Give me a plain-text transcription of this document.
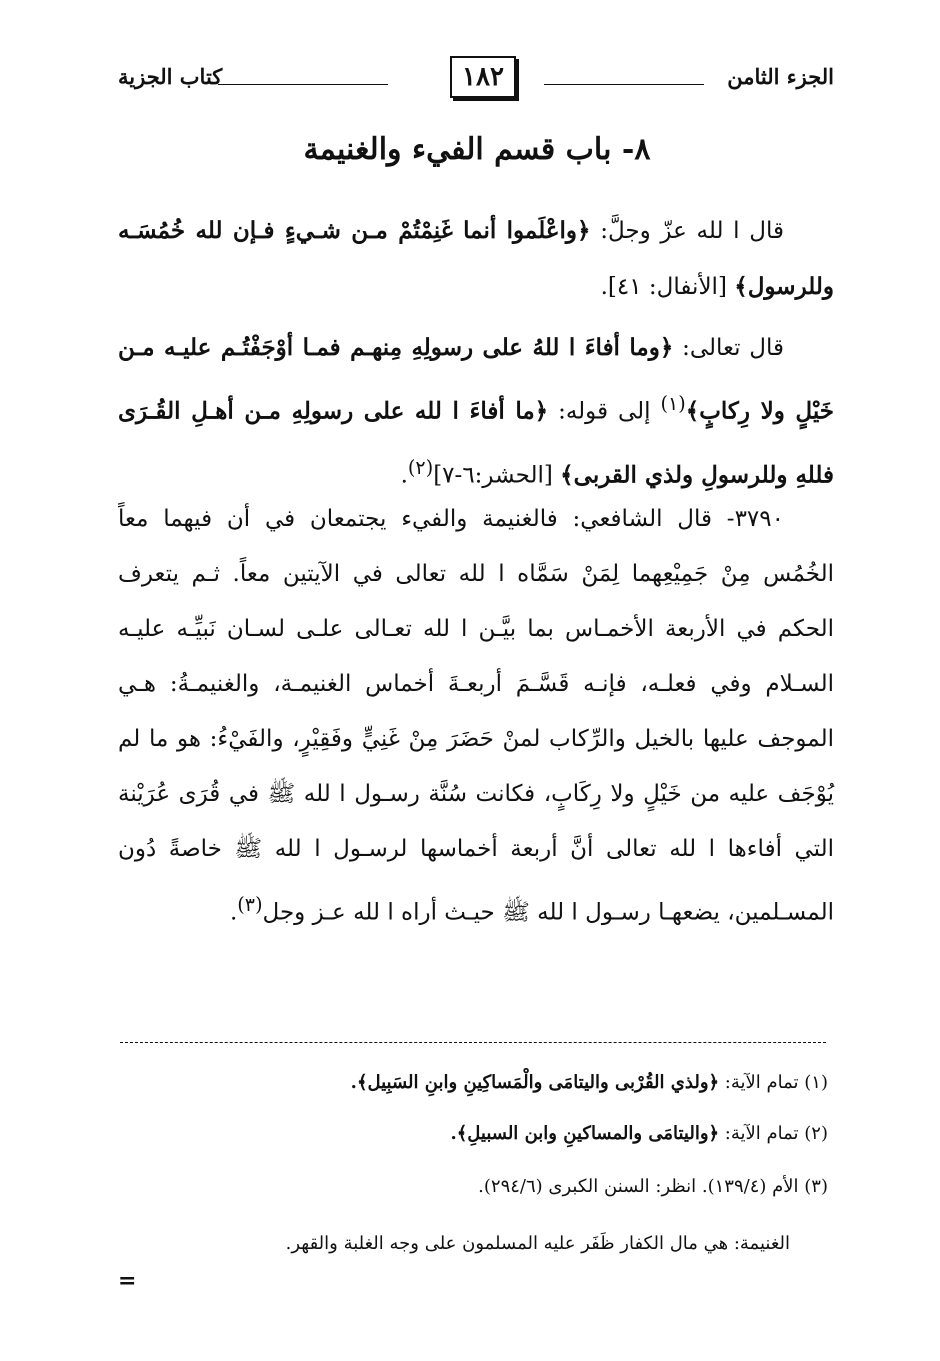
الجزء الثامن
١٨٢
كتاب الجزية
٨- باب قسم الفيء والغنيمة
قال ا لله عزّ وجلَّ: ﴿واعْلَموا أنما غَنِمْتُمْ مـن شـيءٍ فـإن لله خُمُسَـه وللرسول﴾ [الأنفال: ٤١].
قال تعالى: ﴿وما أفاءَ ا للهُ على رسولِهِ مِنهـم فمـا أوْجَفْتُـم عليـه مـن خَيْلٍ ولا رِكابٍ﴾$^{(١)}$ إلى قوله: ﴿ما أفاءَ ا لله على رسولِهِ مـن أهـلِ القُـرَى فللهِ وللرسولِ ولذي القربى﴾ [الحشر:٦-٧]$^{(٢)}$.
٣٧٩٠- قال الشافعي: فالغنيمة والفيء يجتمعان في أن فيهما معاً الخُمُس مِنْ جَمِيْعِهما لِمَنْ سَمَّاه ا لله تعالى في الآيتين معاً. ثـم يتعرف الحكم في الأربعة الأخمـاس بما بيَّـن ا لله تعـالى علـى لسـان نَبيِّـه عليـه السـلام وفي فعلـه، فإنـه قَسَّـمَ أربعـةَ أخماس الغنيمـة، والغنيمـةُ: هـي الموجف عليها بالخيل والرِّكاب لمنْ حَضَرَ مِنْ غَنِيٍّ وفَقِيْرٍ، والفَيْءُ: هو ما لم يُوْجَف عليه من خَيْلٍ ولا رِكَابٍ، فكانت سُنَّة رسـول ا لله ﷺ في قُرَى عُرَيْنة التي أفاءها ا لله تعالى أنَّ أربعة أخماسها لرسـول ا لله ﷺ خاصةً دُون المسـلمين، يضعهـا رسـول ا لله ﷺ حيـث أراه ا لله عـز وجل$^{(٣)}$.
(١) تمام الآية: ﴿ولذي القُرْبى واليتامَى والْمَساكِينِ وابنِ السَبِيل﴾.
(٢) تمام الآية: ﴿واليتامَى والمساكينِ وابن السبيلِ﴾.
(٣) الأم (١٣٩/٤). انظر: السنن الكبرى (٢٩٤/٦).
الغنيمة: هي مال الكفار ظَفَر عليه المسلمون على وجه الغلبة والقهر.
=
